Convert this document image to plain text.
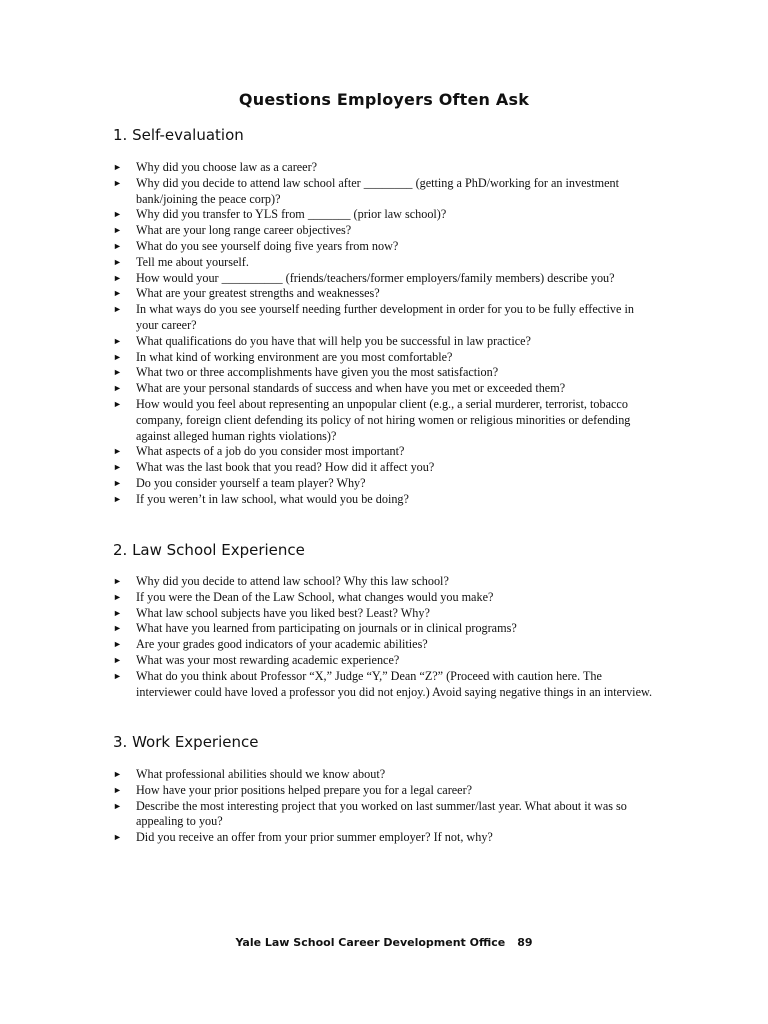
Questions Employers Often Ask
1. Self-evaluation
► Why did you choose law as a career?
► Why did you decide to attend law school after ________ (getting a PhD/working for an investment bank/joining the peace corp)?
► Why did you transfer to YLS from _______ (prior law school)?
► What are your long range career objectives?
► What do you see yourself doing five years from now?
► Tell me about yourself.
► How would your __________ (friends/teachers/former employers/family members) describe you?
► What are your greatest strengths and weaknesses?
► In what ways do you see yourself needing further development in order for you to be fully effective in your career?
► What qualifications do you have that will help you be successful in law practice?
► In what kind of working environment are you most comfortable?
► What two or three accomplishments have given you the most satisfaction?
► What are your personal standards of success and when have you met or exceeded them?
► How would you feel about representing an unpopular client (e.g., a serial murderer, terrorist, tobacco company, foreign client defending its policy of not hiring women or religious minorities or defending against alleged human rights violations)?
► What aspects of a job do you consider most important?
► What was the last book that you read? How did it affect you?
► Do you consider yourself a team player? Why?
► If you weren’t in law school, what would you be doing?
2. Law School Experience
► Why did you decide to attend law school? Why this law school?
► If you were the Dean of the Law School, what changes would you make?
► What law school subjects have you liked best? Least? Why?
► What have you learned from participating on journals or in clinical programs?
► Are your grades good indicators of your academic abilities?
► What was your most rewarding academic experience?
► What do you think about Professor “X,” Judge “Y,” Dean “Z?” (Proceed with caution here. The interviewer could have loved a professor you did not enjoy.) Avoid saying negative things in an interview.
3. Work Experience
► What professional abilities should we know about?
► How have your prior positions helped prepare you for a legal career?
► Describe the most interesting project that you worked on last summer/last year. What about it was so appealing to you?
► Did you receive an offer from your prior summer employer? If not, why?
Yale Law School Career Development Office 89
